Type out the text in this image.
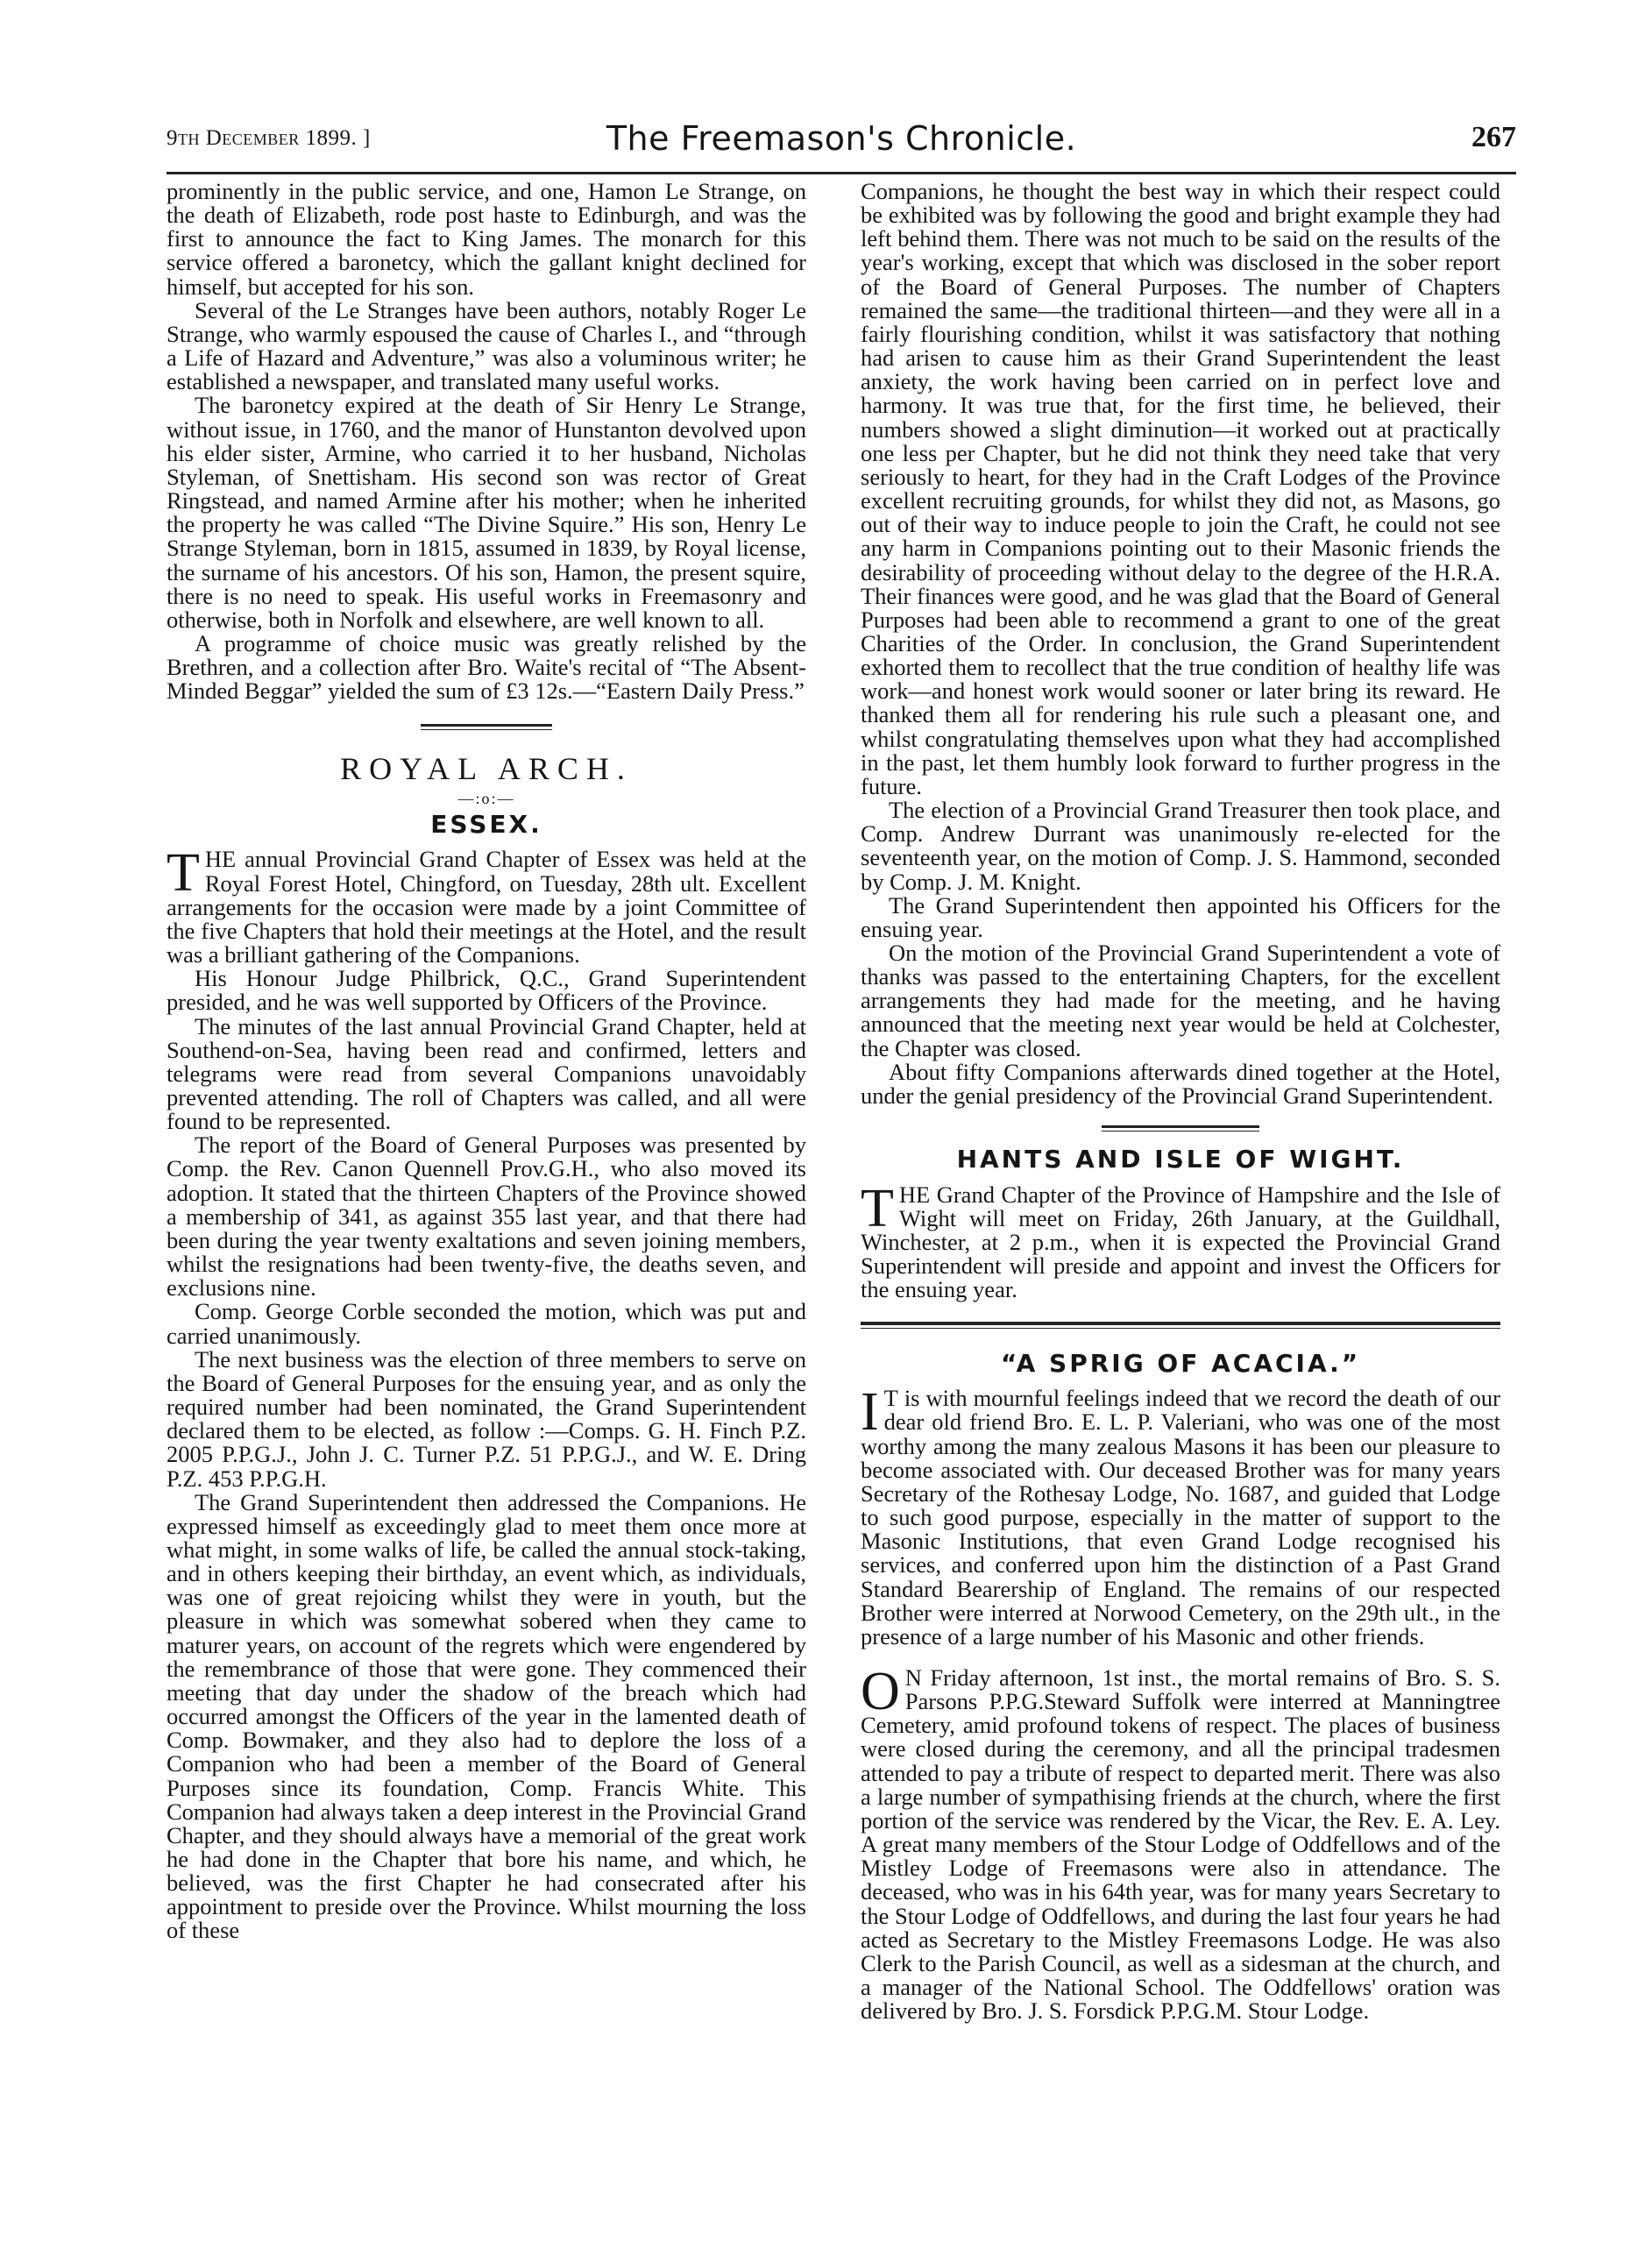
9th December 1899. ]	The Freemason's Chronicle.	267

prominently in the public service, and one, Hamon Le Strange, on the death of Elizabeth, rode post haste to Edinburgh, and was the first to announce the fact to King James. The monarch for this service offered a baronetcy, which the gallant knight declined for himself, but accepted for his son.

Several of the Le Stranges have been authors, notably Roger Le Strange, who warmly espoused the cause of Charles I., and “through a Life of Hazard and Adventure,” was also a voluminous writer; he established a newspaper, and translated many useful works.

The baronetcy expired at the death of Sir Henry Le Strange, without issue, in 1760, and the manor of Hunstanton devolved upon his elder sister, Armine, who carried it to her husband, Nicholas Styleman, of Snettisham. His second son was rector of Great Ringstead, and named Armine after his mother; when he inherited the property he was called “The Divine Squire.” His son, Henry Le Strange Styleman, born in 1815, assumed in 1839, by Royal license, the surname of his ancestors. Of his son, Hamon, the present squire, there is no need to speak. His useful works in Freemasonry and otherwise, both in Norfolk and elsewhere, are well known to all.

A programme of choice music was greatly relished by the Brethren, and a collection after Bro. Waite's recital of “The Absent-Minded Beggar” yielded the sum of £3 12s.—“Eastern Daily Press.”

ROYAL ARCH.
—:o:—
ESSEX.

THE annual Provincial Grand Chapter of Essex was held at the Royal Forest Hotel, Chingford, on Tuesday, 28th ult. Excellent arrangements for the occasion were made by a joint Committee of the five Chapters that hold their meetings at the Hotel, and the result was a brilliant gathering of the Companions.

His Honour Judge Philbrick, Q.C., Grand Superintendent presided, and he was well supported by Officers of the Province.

The minutes of the last annual Provincial Grand Chapter, held at Southend-on-Sea, having been read and confirmed, letters and telegrams were read from several Companions unavoidably prevented attending. The roll of Chapters was called, and all were found to be represented.

The report of the Board of General Purposes was presented by Comp. the Rev. Canon Quennell Prov.G.H., who also moved its adoption. It stated that the thirteen Chapters of the Province showed a membership of 341, as against 355 last year, and that there had been during the year twenty exaltations and seven joining members, whilst the resignations had been twenty-five, the deaths seven, and exclusions nine.

Comp. George Corble seconded the motion, which was put and carried unanimously.

The next business was the election of three members to serve on the Board of General Purposes for the ensuing year, and as only the required number had been nominated, the Grand Superintendent declared them to be elected, as follow :—Comps. G. H. Finch P.Z. 2005 P.P.G.J., John J. C. Turner P.Z. 51 P.P.G.J., and W. E. Dring P.Z. 453 P.P.G.H.

The Grand Superintendent then addressed the Companions. He expressed himself as exceedingly glad to meet them once more at what might, in some walks of life, be called the annual stock-taking, and in others keeping their birthday, an event which, as individuals, was one of great rejoicing whilst they were in youth, but the pleasure in which was somewhat sobered when they came to maturer years, on account of the regrets which were engendered by the remembrance of those that were gone. They commenced their meeting that day under the shadow of the breach which had occurred amongst the Officers of the year in the lamented death of Comp. Bowmaker, and they also had to deplore the loss of a Companion who had been a member of the Board of General Purposes since its foundation, Comp. Francis White. This Companion had always taken a deep interest in the Provincial Grand Chapter, and they should always have a memorial of the great work he had done in the Chapter that bore his name, and which, he believed, was the first Chapter he had consecrated after his appointment to preside over the Province. Whilst mourning the loss of these

Companions, he thought the best way in which their respect could be exhibited was by following the good and bright example they had left behind them. There was not much to be said on the results of the year's working, except that which was disclosed in the sober report of the Board of General Purposes. The number of Chapters remained the same—the traditional thirteen—and they were all in a fairly flourishing condition, whilst it was satisfactory that nothing had arisen to cause him as their Grand Superintendent the least anxiety, the work having been carried on in perfect love and harmony. It was true that, for the first time, he believed, their numbers showed a slight diminution—it worked out at practically one less per Chapter, but he did not think they need take that very seriously to heart, for they had in the Craft Lodges of the Province excellent recruiting grounds, for whilst they did not, as Masons, go out of their way to induce people to join the Craft, he could not see any harm in Companions pointing out to their Masonic friends the desirability of proceeding without delay to the degree of the H.R.A. Their finances were good, and he was glad that the Board of General Purposes had been able to recommend a grant to one of the great Charities of the Order. In conclusion, the Grand Superintendent exhorted them to recollect that the true condition of healthy life was work—and honest work would sooner or later bring its reward. He thanked them all for rendering his rule such a pleasant one, and whilst congratulating themselves upon what they had accomplished in the past, let them humbly look forward to further progress in the future.

The election of a Provincial Grand Treasurer then took place, and Comp. Andrew Durrant was unanimously re-elected for the seventeenth year, on the motion of Comp. J. S. Hammond, seconded by Comp. J. M. Knight.

The Grand Superintendent then appointed his Officers for the ensuing year.

On the motion of the Provincial Grand Superintendent a vote of thanks was passed to the entertaining Chapters, for the excellent arrangements they had made for the meeting, and he having announced that the meeting next year would be held at Colchester, the Chapter was closed.

About fifty Companions afterwards dined together at the Hotel, under the genial presidency of the Provincial Grand Superintendent.

HANTS AND ISLE OF WIGHT.

THE Grand Chapter of the Province of Hampshire and the Isle of Wight will meet on Friday, 26th January, at the Guildhall, Winchester, at 2 p.m., when it is expected the Provincial Grand Superintendent will preside and appoint and invest the Officers for the ensuing year.

“A SPRIG OF ACACIA.”

I T is with mournful feelings indeed that we record the death of our dear old friend Bro. E. L. P. Valeriani, who was one of the most worthy among the many zealous Masons it has been our pleasure to become associated with. Our deceased Brother was for many years Secretary of the Rothesay Lodge, No. 1687, and guided that Lodge to such good purpose, especially in the matter of support to the Masonic Institutions, that even Grand Lodge recognised his services, and conferred upon him the distinction of a Past Grand Standard Bearership of England. The remains of our respected Brother were interred at Norwood Cemetery, on the 29th ult., in the presence of a large number of his Masonic and other friends.

O N Friday afternoon, 1st inst., the mortal remains of Bro. S. S. Parsons P.P.G.Steward Suffolk were interred at Manningtree Cemetery, amid profound tokens of respect. The places of business were closed during the ceremony, and all the principal tradesmen attended to pay a tribute of respect to departed merit. There was also a large number of sympathising friends at the church, where the first portion of the service was rendered by the Vicar, the Rev. E. A. Ley. A great many members of the Stour Lodge of Oddfellows and of the Mistley Lodge of Freemasons were also in attendance. The deceased, who was in his 64th year, was for many years Secretary to the Stour Lodge of Oddfellows, and during the last four years he had acted as Secretary to the Mistley Freemasons Lodge. He was also Clerk to the Parish Council, as well as a sidesman at the church, and a manager of the National School. The Oddfellows' oration was delivered by Bro. J. S. Forsdick P.P.G.M. Stour Lodge.
